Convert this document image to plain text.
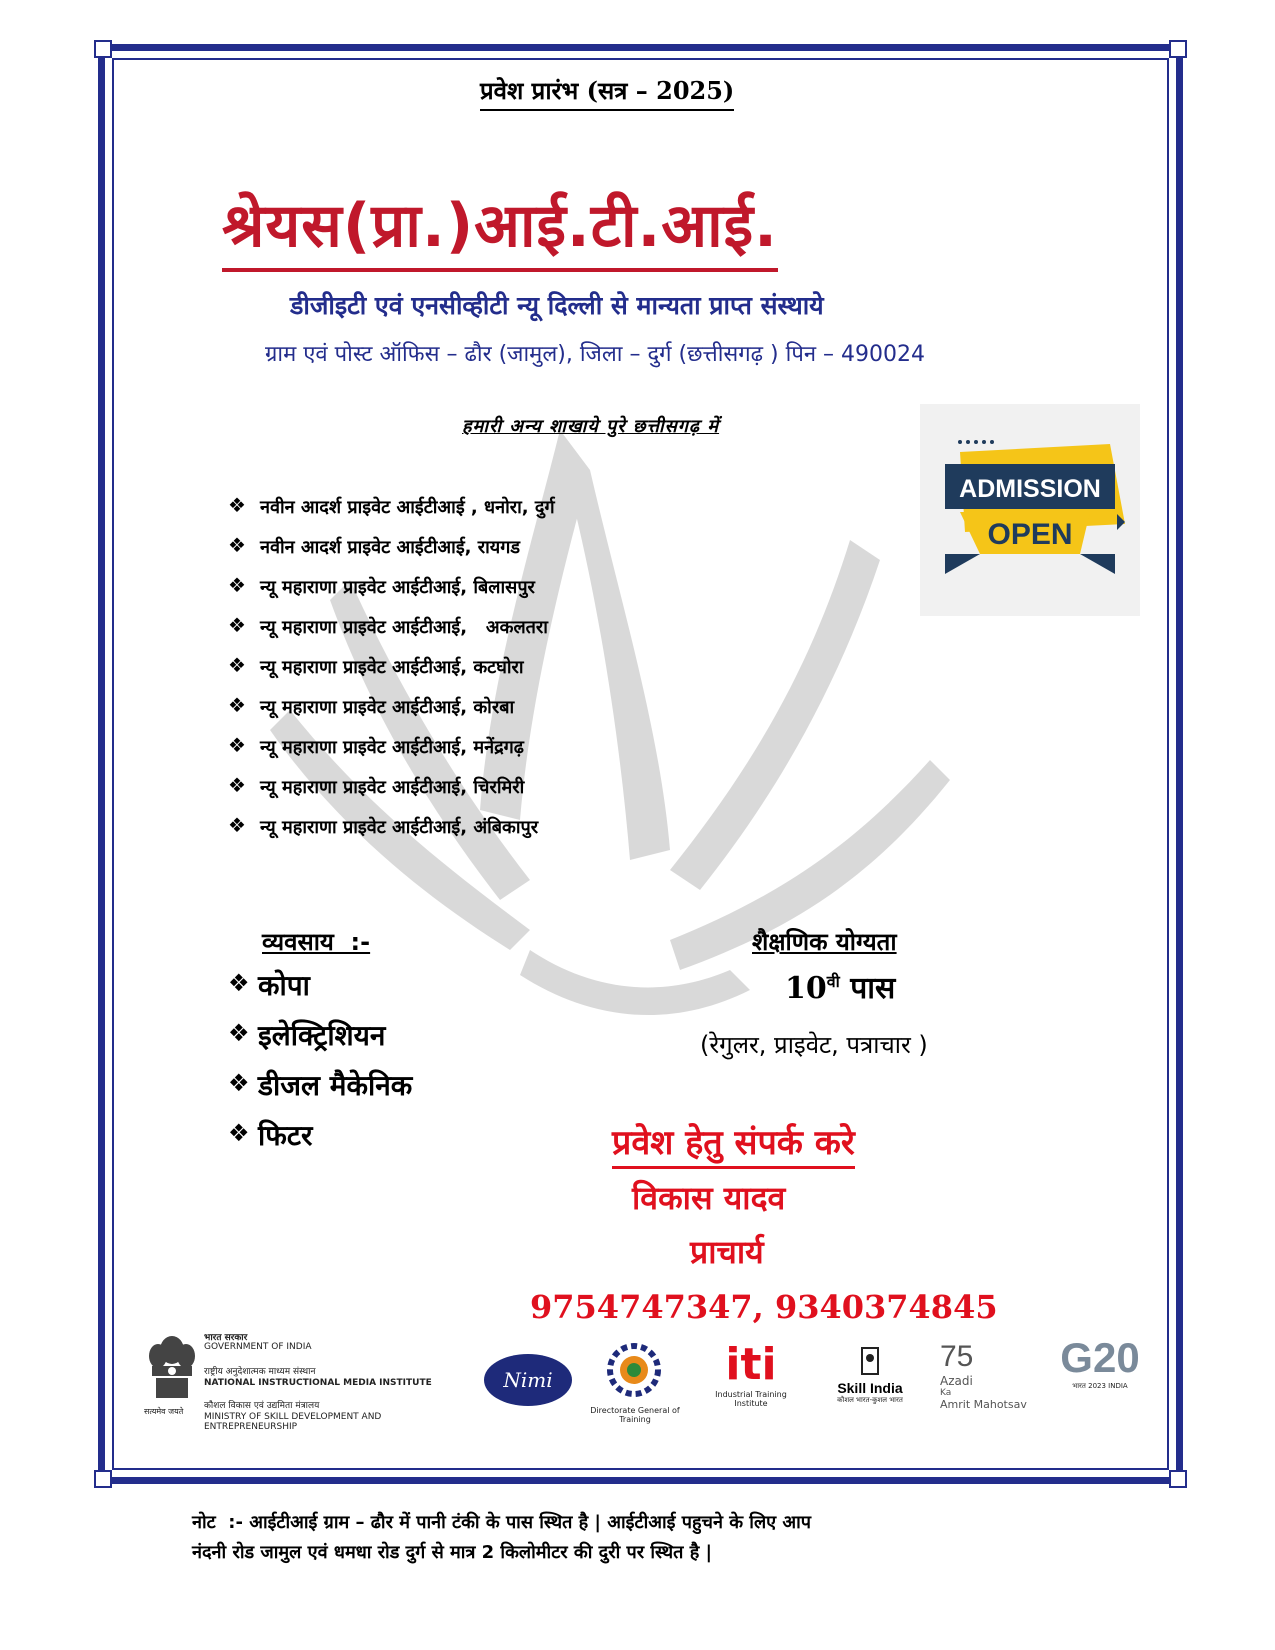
प्रवेश प्रारंभ (सत्र – 2025)
श्रेयस(प्रा.)आई.टी.आई.
डीजीइटी एवं एनसीव्हीटी न्यू दिल्ली से मान्यता प्राप्त संस्थाये
ग्राम एवं पोस्ट ऑफिस – ढौर (जामुल), जिला – दुर्ग (छत्तीसगढ़ ) पिन – 490024
हमारी अन्य शाखाये पुरे छत्तीसगढ़ में
ADMISSION
OPEN
❖ नवीन आदर्श प्राइवेट आईटीआई , धनोरा, दुर्ग
❖ नवीन आदर्श प्राइवेट आईटीआई, रायगड
❖ न्यू महाराणा प्राइवेट आईटीआई, बिलासपुर
❖ न्यू महाराणा प्राइवेट आईटीआई,   अकलतरा
❖ न्यू महाराणा प्राइवेट आईटीआई, कटघोरा
❖ न्यू महाराणा प्राइवेट आईटीआई, कोरबा
❖ न्यू महाराणा प्राइवेट आईटीआई, मनेंद्रगढ़
❖ न्यू महाराणा प्राइवेट आईटीआई, चिरमिरी
❖ न्यू महाराणा प्राइवेट आईटीआई, अंबिकापुर
व्यवसाय  :-	शैक्षणिक योग्यता
❖ कोपा
❖ इलेक्ट्रिशियन
❖ डीजल मैकेनिक
❖ फिटर
$10^{वी}$ पास
(रेगुलर, प्राइवेट, पत्राचार )
प्रवेश हेतु संपर्क करे
विकास यादव
प्राचार्य
9754747347, 9340374845
सत्यमेव जयते
भारत सरकार
GOVERNMENT OF INDIA
राष्ट्रीय अनुदेशात्मक माध्यम संस्थान
NATIONAL INSTRUCTIONAL MEDIA INSTITUTE
कौशल विकास एवं उद्यमिता मंत्रालय
MINISTRY OF SKILL DEVELOPMENT AND ENTREPRENEURSHIP
Nimi
Directorate General of Training
iti
Industrial Training Institute
Skill India
कौशल भारत-कुशल भारत
75
Azadi
Ka
Amrit Mahotsav
G20
भारत 2023 INDIA
नोट  :- आईटीआई ग्राम – ढौर में पानी टंकी के पास स्थित है | आईटीआई पहुचने के लिए आप
नंदनी रोड जामुल एवं धमधा रोड दुर्ग से मात्र 2 किलोमीटर की दुरी पर स्थित है |
